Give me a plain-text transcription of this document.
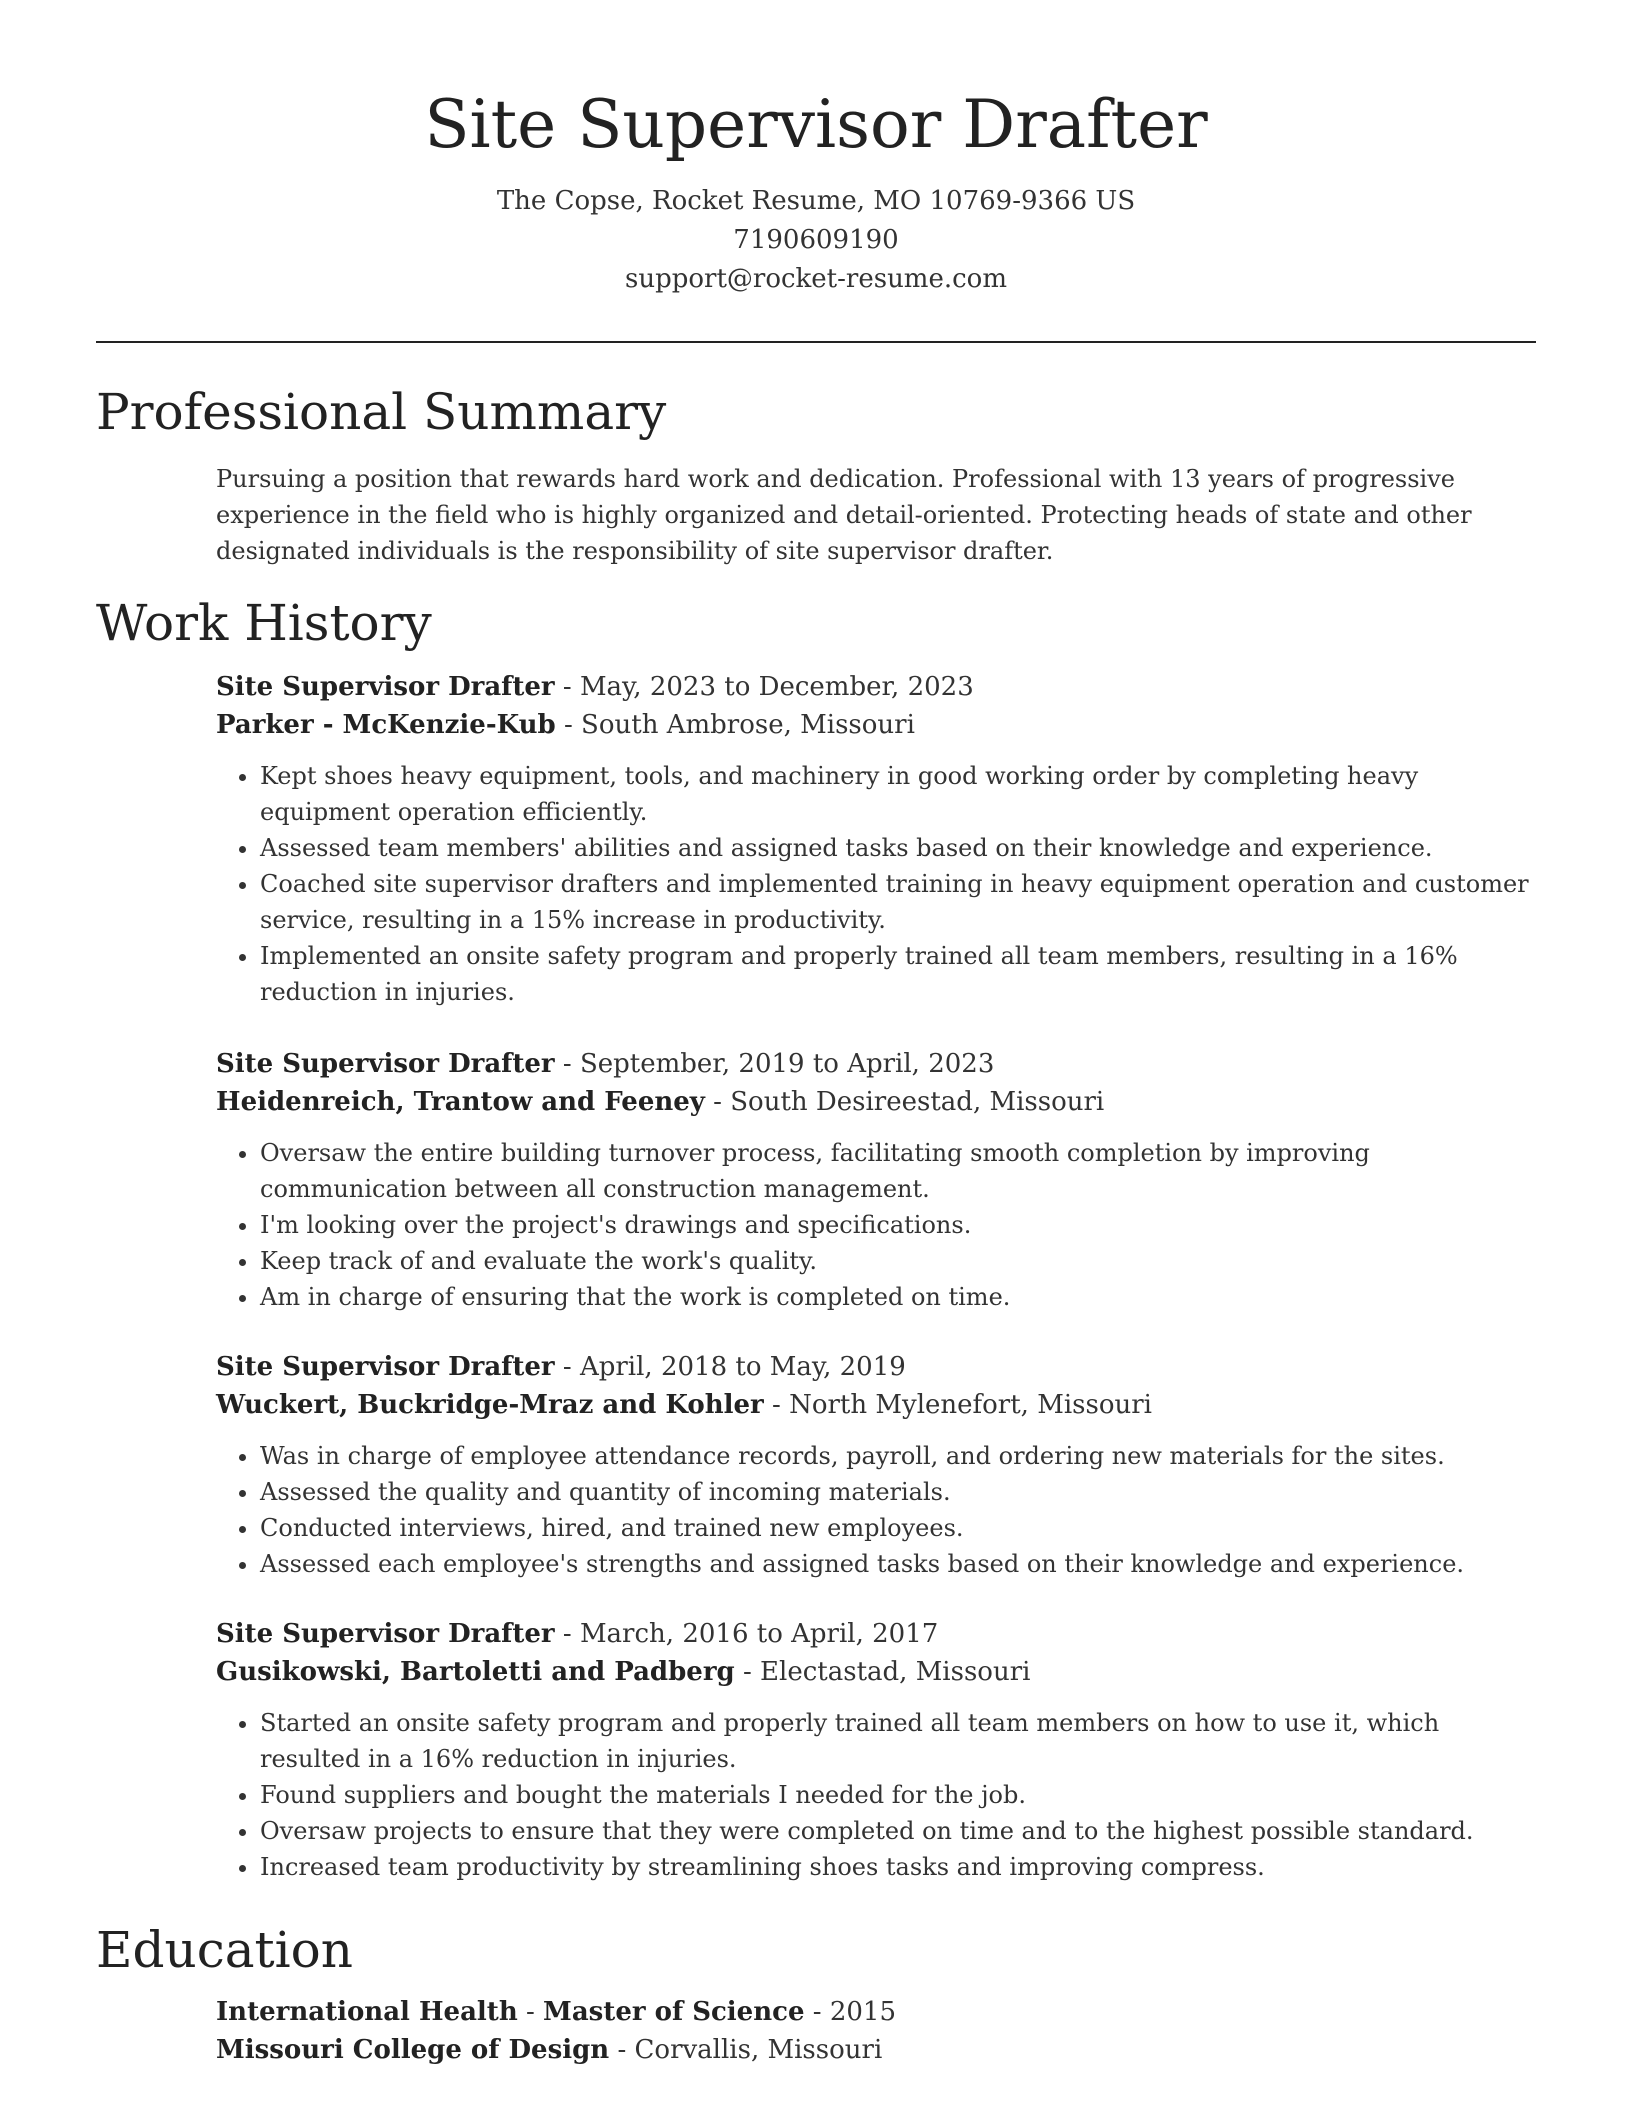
Site Supervisor Drafter
The Copse, Rocket Resume, MO 10769-9366 US
7190609190
support@rocket-resume.com
Professional Summary
Pursuing a position that rewards hard work and dedication. Professional with 13 years of progressive experience in the field who is highly organized and detail-oriented. Protecting heads of state and other designated individuals is the responsibility of site supervisor drafter.
Work History
Site Supervisor Drafter - May, 2023 to December, 2023
Parker - McKenzie-Kub - South Ambrose, Missouri
• Kept shoes heavy equipment, tools, and machinery in good working order by completing heavy equipment operation efficiently.
• Assessed team members' abilities and assigned tasks based on their knowledge and experience.
• Coached site supervisor drafters and implemented training in heavy equipment operation and customer service, resulting in a 15% increase in productivity.
• Implemented an onsite safety program and properly trained all team members, resulting in a 16% reduction in injuries.
Site Supervisor Drafter - September, 2019 to April, 2023
Heidenreich, Trantow and Feeney - South Desireestad, Missouri
• Oversaw the entire building turnover process, facilitating smooth completion by improving communication between all construction management.
• I'm looking over the project's drawings and specifications.
• Keep track of and evaluate the work's quality.
• Am in charge of ensuring that the work is completed on time.
Site Supervisor Drafter - April, 2018 to May, 2019
Wuckert, Buckridge-Mraz and Kohler - North Mylenefort, Missouri
• Was in charge of employee attendance records, payroll, and ordering new materials for the sites.
• Assessed the quality and quantity of incoming materials.
• Conducted interviews, hired, and trained new employees.
• Assessed each employee's strengths and assigned tasks based on their knowledge and experience.
Site Supervisor Drafter - March, 2016 to April, 2017
Gusikowski, Bartoletti and Padberg - Electastad, Missouri
• Started an onsite safety program and properly trained all team members on how to use it, which resulted in a 16% reduction in injuries.
• Found suppliers and bought the materials I needed for the job.
• Oversaw projects to ensure that they were completed on time and to the highest possible standard.
• Increased team productivity by streamlining shoes tasks and improving compress.
Education
International Health - Master of Science - 2015
Missouri College of Design - Corvallis, Missouri
